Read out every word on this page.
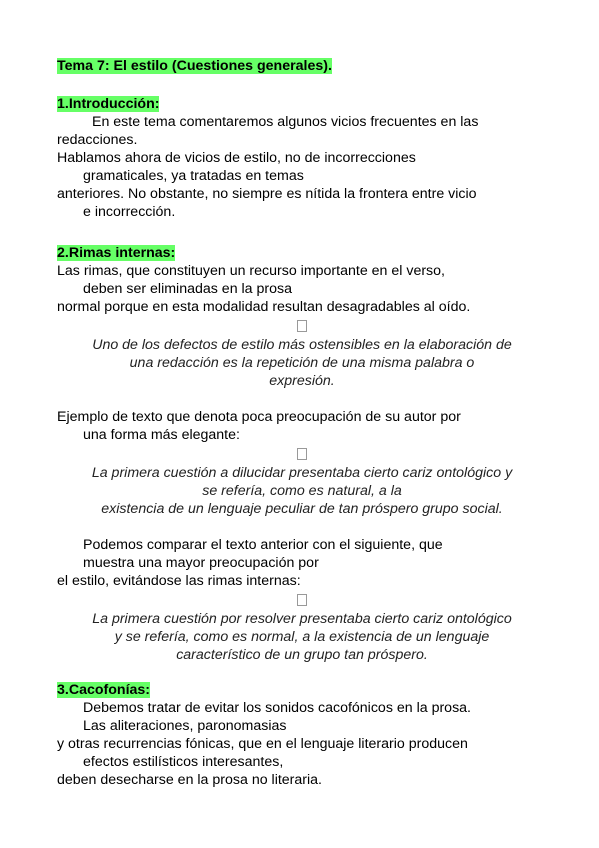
Tema 7: El estilo (Cuestiones generales).
1.Introducción:
En este tema comentaremos algunos vicios frecuentes en las
redacciones.
Hablamos ahora de vicios de estilo, no de incorrecciones
gramaticales, ya tratadas en temas
anteriores. No obstante, no siempre es nítida la frontera entre vicio
e incorrección.
2.Rimas internas:
Las rimas, que constituyen un recurso importante en el verso,
deben ser eliminadas en la prosa
normal porque en esta modalidad resultan desagradables al oído.
Uno de los defectos de estilo más ostensibles en la elaboración de
una redacción es la repetición de una misma palabra o
expresión.
Ejemplo de texto que denota poca preocupación de su autor por
una forma más elegante:
La primera cuestión a dilucidar presentaba cierto cariz ontológico y
se refería, como es natural, a la
existencia de un lenguaje peculiar de tan próspero grupo social.
Podemos comparar el texto anterior con el siguiente, que
muestra una mayor preocupación por
el estilo, evitándose las rimas internas:
La primera cuestión por resolver presentaba cierto cariz ontológico
y se refería, como es normal, a la existencia de un lenguaje
característico de un grupo tan próspero.
3.Cacofonías:
Debemos tratar de evitar los sonidos cacofónicos en la prosa.
Las aliteraciones, paronomasias
y otras recurrencias fónicas, que en el lenguaje literario producen
efectos estilísticos interesantes,
deben desecharse en la prosa no literaria.
